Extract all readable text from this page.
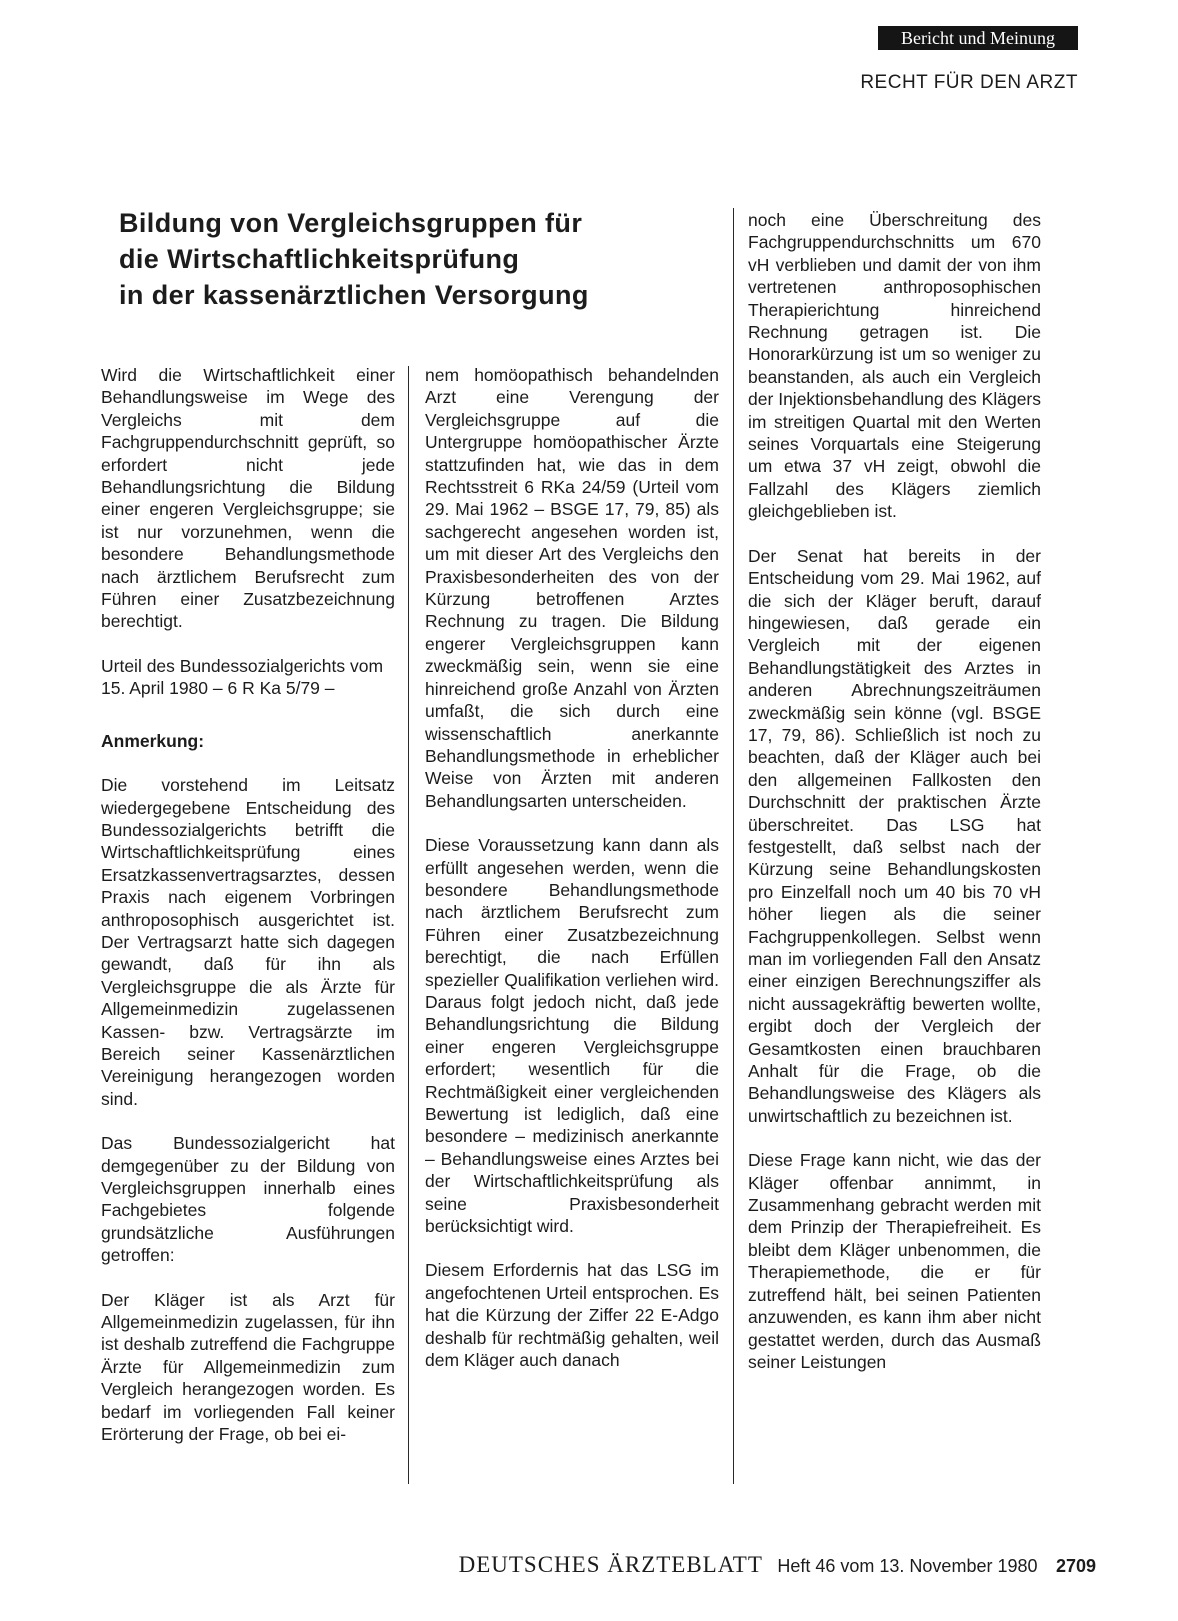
Bericht und Meinung
RECHT FÜR DEN ARZT
Bildung von Vergleichsgruppen für
die Wirtschaftlichkeitsprüfung
in der kassenärztlichen Versorgung

Wird die Wirtschaftlichkeit einer Behandlungsweise im Wege des Vergleichs mit dem Fachgruppendurchschnitt geprüft, so erfordert nicht jede Behandlungsrichtung die Bildung einer engeren Vergleichsgruppe; sie ist nur vorzunehmen, wenn die besondere Behandlungsmethode nach ärztlichem Berufsrecht zum Führen einer Zusatzbezeichnung berechtigt.

Urteil des Bundessozialgerichts vom 15. April 1980 – 6 R Ka 5/79 –

Anmerkung:

Die vorstehend im Leitsatz wiedergegebene Entscheidung des Bundessozialgerichts betrifft die Wirtschaftlichkeitsprüfung eines Ersatzkassenvertragsarztes, dessen Praxis nach eigenem Vorbringen anthroposophisch ausgerichtet ist. Der Vertragsarzt hatte sich dagegen gewandt, daß für ihn als Vergleichsgruppe die als Ärzte für Allgemeinmedizin zugelassenen Kassen- bzw. Vertragsärzte im Bereich seiner Kassenärztlichen Vereinigung herangezogen worden sind.

Das Bundessozialgericht hat demgegenüber zu der Bildung von Vergleichsgruppen innerhalb eines Fachgebietes folgende grundsätzliche Ausführungen getroffen:

Der Kläger ist als Arzt für Allgemeinmedizin zugelassen, für ihn ist deshalb zutreffend die Fachgruppe Ärzte für Allgemeinmedizin zum Vergleich herangezogen worden. Es bedarf im vorliegenden Fall keiner Erörterung der Frage, ob bei ei-

nem homöopathisch behandelnden Arzt eine Verengung der Vergleichsgruppe auf die Untergruppe homöopathischer Ärzte stattzufinden hat, wie das in dem Rechtsstreit 6 RKa 24/59 (Urteil vom 29. Mai 1962 – BSGE 17, 79, 85) als sachgerecht angesehen worden ist, um mit dieser Art des Vergleichs den Praxisbesonderheiten des von der Kürzung betroffenen Arztes Rechnung zu tragen. Die Bildung engerer Vergleichsgruppen kann zweckmäßig sein, wenn sie eine hinreichend große Anzahl von Ärzten umfaßt, die sich durch eine wissenschaftlich anerkannte Behandlungsmethode in erheblicher Weise von Ärzten mit anderen Behandlungsarten unterscheiden.

Diese Voraussetzung kann dann als erfüllt angesehen werden, wenn die besondere Behandlungsmethode nach ärztlichem Berufsrecht zum Führen einer Zusatzbezeichnung berechtigt, die nach Erfüllen spezieller Qualifikation verliehen wird. Daraus folgt jedoch nicht, daß jede Behandlungsrichtung die Bildung einer engeren Vergleichsgruppe erfordert; wesentlich für die Rechtmäßigkeit einer vergleichenden Bewertung ist lediglich, daß eine besondere – medizinisch anerkannte – Behandlungsweise eines Arztes bei der Wirtschaftlichkeitsprüfung als seine Praxisbesonderheit berücksichtigt wird.

Diesem Erfordernis hat das LSG im angefochtenen Urteil entsprochen. Es hat die Kürzung der Ziffer 22 E-Adgo deshalb für rechtmäßig gehalten, weil dem Kläger auch danach

noch eine Überschreitung des Fachgruppendurchschnitts um 670 vH verblieben und damit der von ihm vertretenen anthroposophischen Therapierichtung hinreichend Rechnung getragen ist. Die Honorarkürzung ist um so weniger zu beanstanden, als auch ein Vergleich der Injektionsbehandlung des Klägers im streitigen Quartal mit den Werten seines Vorquartals eine Steigerung um etwa 37 vH zeigt, obwohl die Fallzahl des Klägers ziemlich gleichgeblieben ist.

Der Senat hat bereits in der Entscheidung vom 29. Mai 1962, auf die sich der Kläger beruft, darauf hingewiesen, daß gerade ein Vergleich mit der eigenen Behandlungstätigkeit des Arztes in anderen Abrechnungszeiträumen zweckmäßig sein könne (vgl. BSGE 17, 79, 86). Schließlich ist noch zu beachten, daß der Kläger auch bei den allgemeinen Fallkosten den Durchschnitt der praktischen Ärzte überschreitet. Das LSG hat festgestellt, daß selbst nach der Kürzung seine Behandlungskosten pro Einzelfall noch um 40 bis 70 vH höher liegen als die seiner Fachgruppenkollegen. Selbst wenn man im vorliegenden Fall den Ansatz einer einzigen Berechnungsziffer als nicht aussagekräftig bewerten wollte, ergibt doch der Vergleich der Gesamtkosten einen brauchbaren Anhalt für die Frage, ob die Behandlungsweise des Klägers als unwirtschaftlich zu bezeichnen ist.

Diese Frage kann nicht, wie das der Kläger offenbar annimmt, in Zusammenhang gebracht werden mit dem Prinzip der Therapiefreiheit. Es bleibt dem Kläger unbenommen, die Therapiemethode, die er für zutreffend hält, bei seinen Patienten anzuwenden, es kann ihm aber nicht gestattet werden, durch das Ausmaß seiner Leistungen

DEUTSCHES ÄRZTEBLATT Heft 46 vom 13. November 1980 2709
